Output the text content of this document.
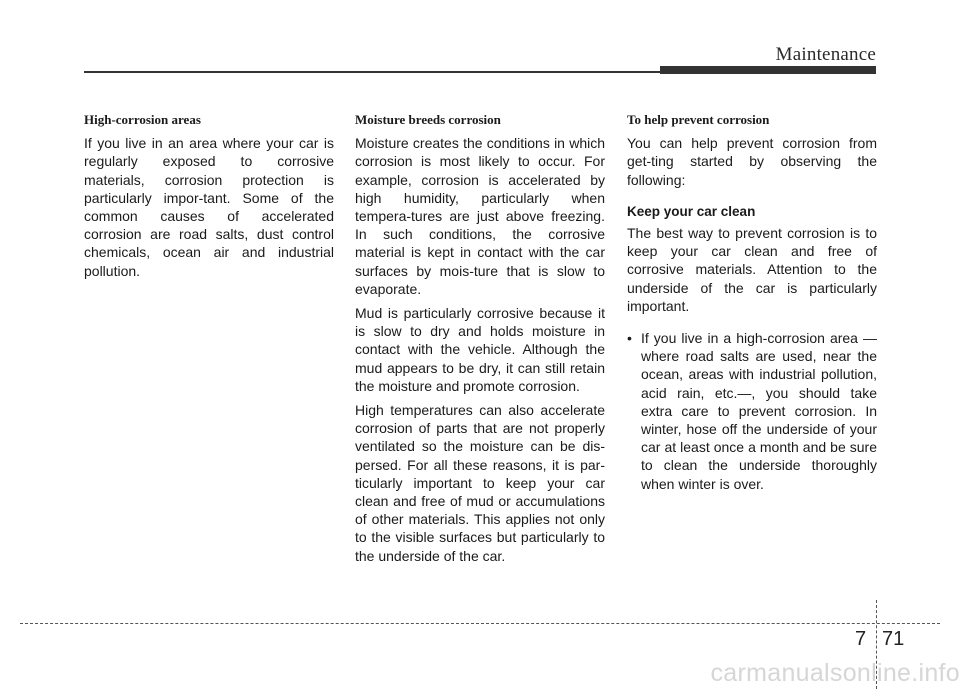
Maintenance
High-corrosion areas

If you live in an area where your car is regularly exposed to corrosive materials, corrosion protection is particularly impor-tant. Some of the common causes of accelerated corrosion are road salts, dust control chemicals, ocean air and industrial pollution.

Moisture breeds corrosion

Moisture creates the conditions in which corrosion is most likely to occur. For example, corrosion is accelerated by high humidity, particularly when tempera-tures are just above freezing. In such conditions, the corrosive material is kept in contact with the car surfaces by mois-ture that is slow to evaporate.

Mud is particularly corrosive because it is slow to dry and holds moisture in contact with the vehicle. Although the mud appears to be dry, it can still retain the moisture and promote corrosion.

High temperatures can also accelerate corrosion of parts that are not properly ventilated so the moisture can be dis-persed. For all these reasons, it is par-ticularly important to keep your car clean and free of mud or accumulations of other materials. This applies not only to the visible surfaces but particularly to the underside of the car.

To help prevent corrosion

You can help prevent corrosion from get-ting started by observing the following:

Keep your car clean

The best way to prevent corrosion is to keep your car clean and free of corrosive materials. Attention to the underside of the car is particularly important.

• If you live in a high-corrosion area — where road salts are used, near the ocean, areas with industrial pollution, acid rain, etc.—, you should take extra care to prevent corrosion. In winter, hose off the underside of your car at least once a month and be sure to clean the underside thoroughly when winter is over.
7 71
carmanualsonline.info
